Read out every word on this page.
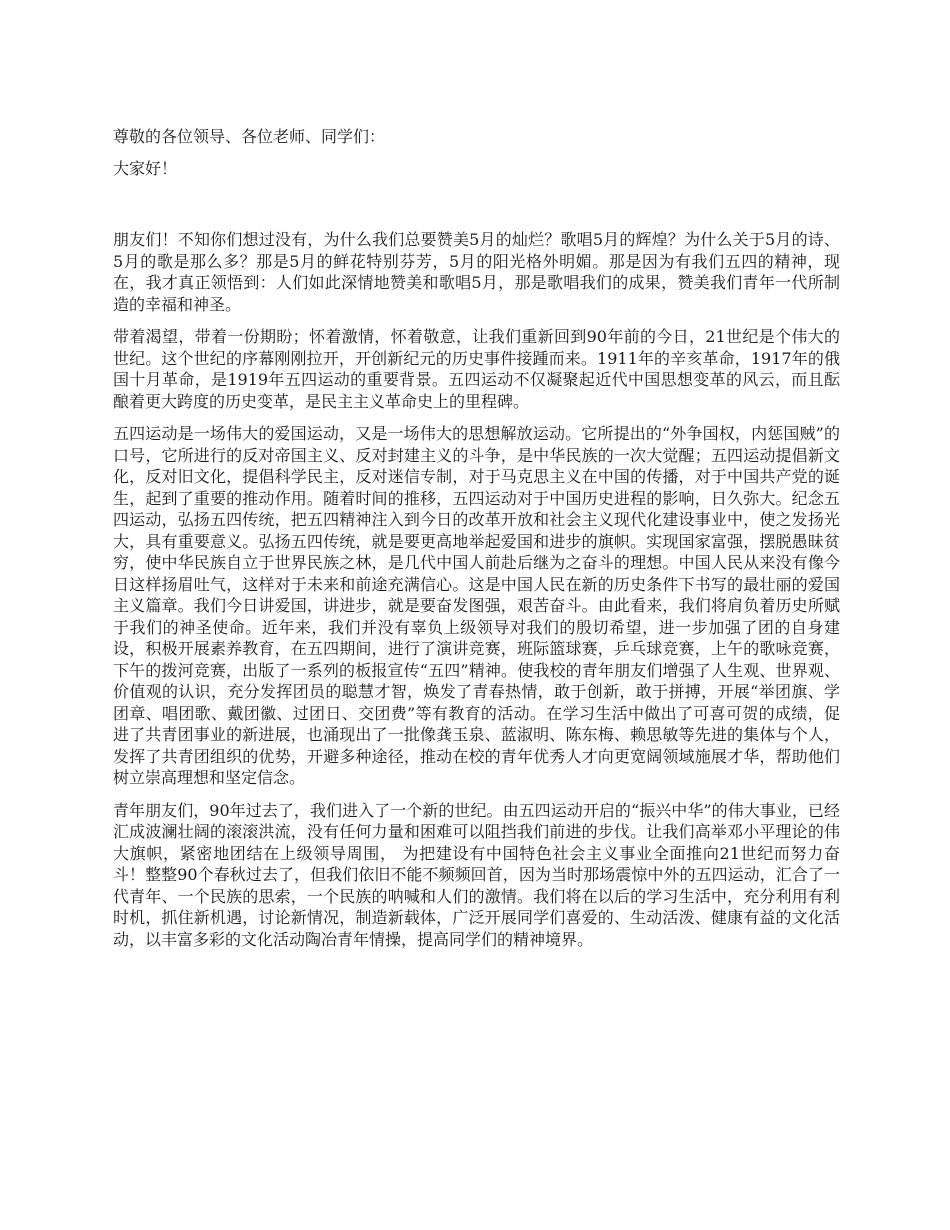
尊敬的各位领导、各位老师、同学们：

大家好！

朋友们！不知你们想过没有，为什么我们总要赞美5月的灿烂？歌唱5月的辉煌？为什么关于5月的诗、5月的歌是那么多？那是5月的鲜花特别芬芳，5月的阳光格外明媚。那是因为有我们五四的精神，现在，我才真正领悟到：人们如此深情地赞美和歌唱5月，那是歌唱我们的成果，赞美我们青年一代所制造的幸福和神圣。

带着渴望，带着一份期盼；怀着激情，怀着敬意，让我们重新回到90年前的今日，21世纪是个伟大的世纪。这个世纪的序幕刚刚拉开，开创新纪元的历史事件接踵而来。1911年的辛亥革命，1917年的俄国十月革命，是1919年五四运动的重要背景。五四运动不仅凝聚起近代中国思想变革的风云，而且酝酿着更大跨度的历史变革，是民主主义革命史上的里程碑。

五四运动是一场伟大的爱国运动，又是一场伟大的思想解放运动。它所提出的“外争国权，内惩国贼”的口号，它所进行的反对帝国主义、反对封建主义的斗争，是中华民族的一次大觉醒；五四运动提倡新文化，反对旧文化，提倡科学民主，反对迷信专制，对于马克思主义在中国的传播，对于中国共产党的诞生，起到了重要的推动作用。随着时间的推移，五四运动对于中国历史进程的影响，日久弥大。纪念五四运动，弘扬五四传统，把五四精神注入到今日的改革开放和社会主义现代化建设事业中，使之发扬光大，具有重要意义。弘扬五四传统，就是要更高地举起爱国和进步的旗帜。实现国家富强，摆脱愚昧贫穷，使中华民族自立于世界民族之林，是几代中国人前赴后继为之奋斗的理想。中国人民从来没有像今日这样扬眉吐气，这样对于未来和前途充满信心。这是中国人民在新的历史条件下书写的最壮丽的爱国主义篇章。我们今日讲爱国，讲进步，就是要奋发图强，艰苦奋斗。由此看来，我们将肩负着历史所赋于我们的神圣使命。近年来，我们并没有辜负上级领导对我们的殷切希望，进一步加强了团的自身建设，积极开展素养教育，在五四期间，进行了演讲竞赛，班际篮球赛，乒乓球竞赛，上午的歌咏竞赛，下午的拨河竞赛，出版了一系列的板报宣传“五四”精神。使我校的青年朋友们增强了人生观、世界观、价值观的认识，充分发挥团员的聪慧才智，焕发了青春热情，敢于创新，敢于拼搏，开展“举团旗、学团章、唱团歌、戴团徽、过团日、交团费”等有教育的活动。在学习生活中做出了可喜可贺的成绩，促进了共青团事业的新进展，也涌现出了一批像龚玉泉、蓝淑明、陈东梅、赖思敏等先进的集体与个人， 发挥了共青团组织的优势，开避多种途径，推动在校的青年优秀人才向更宽阔领域施展才华，帮助他们树立崇高理想和坚定信念。

青年朋友们，90年过去了，我们进入了一个新的世纪。由五四运动开启的“振兴中华”的伟大事业，已经汇成波澜壮阔的滚滚洪流，没有任何力量和困难可以阻挡我们前进的步伐。让我们高举邓小平理论的伟大旗帜，紧密地团结在上级领导周围， 为把建设有中国特色社会主义事业全面推向21世纪而努力奋斗！整整90个春秋过去了，但我们依旧不能不频频回首，因为当时那场震惊中外的五四运动，汇合了一代青年、一个民族的思索，一个民族的呐喊和人们的激情。我们将在以后的学习生活中，充分利用有利时机，抓住新机遇，讨论新情况，制造新载体，广泛开展同学们喜爱的、生动活泼、健康有益的文化活动，以丰富多彩的文化活动陶冶青年情操，提高同学们的精神境界。
